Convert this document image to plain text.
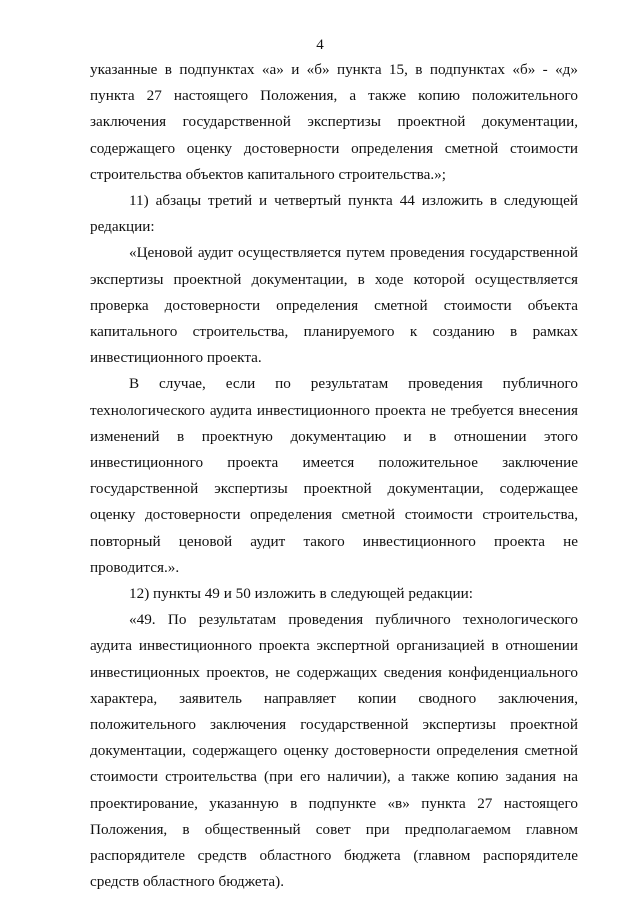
4

указанные в подпунктах «а» и «б» пункта 15, в подпунктах «б» - «д» пункта 27 настоящего Положения, а также копию положительного заключения государственной экспертизы проектной документации, содержащего оценку достоверности определения сметной стоимости строительства объектов капитального строительства.»;

11) абзацы третий и четвертый пункта 44 изложить в следующей редакции:

«Ценовой аудит осуществляется путем проведения государственной экспертизы проектной документации, в ходе которой осуществляется проверка достоверности определения сметной стоимости объекта капитального строительства, планируемого к созданию в рамках инвестиционного проекта.

В случае, если по результатам проведения публичного технологического аудита инвестиционного проекта не требуется внесения изменений в проектную документацию и в отношении этого инвестиционного проекта имеется положительное заключение государственной экспертизы проектной документации, содержащее оценку достоверности определения сметной стоимости строительства, повторный ценовой аудит такого инвестиционного проекта не проводится.».

12) пункты 49 и 50 изложить в следующей редакции:

«49. По результатам проведения публичного технологического аудита инвестиционного проекта экспертной организацией в отношении инвестиционных проектов, не содержащих сведения конфиденциального характера, заявитель направляет копии сводного заключения, положительного заключения государственной экспертизы проектной документации, содержащего оценку достоверности определения сметной стоимости строительства (при его наличии), а также копию задания на проектирование, указанную в подпункте «в» пункта 27 настоящего Положения, в общественный совет при предполагаемом главном распорядителе средств областного бюджета (главном распорядителе средств областного бюджета).
